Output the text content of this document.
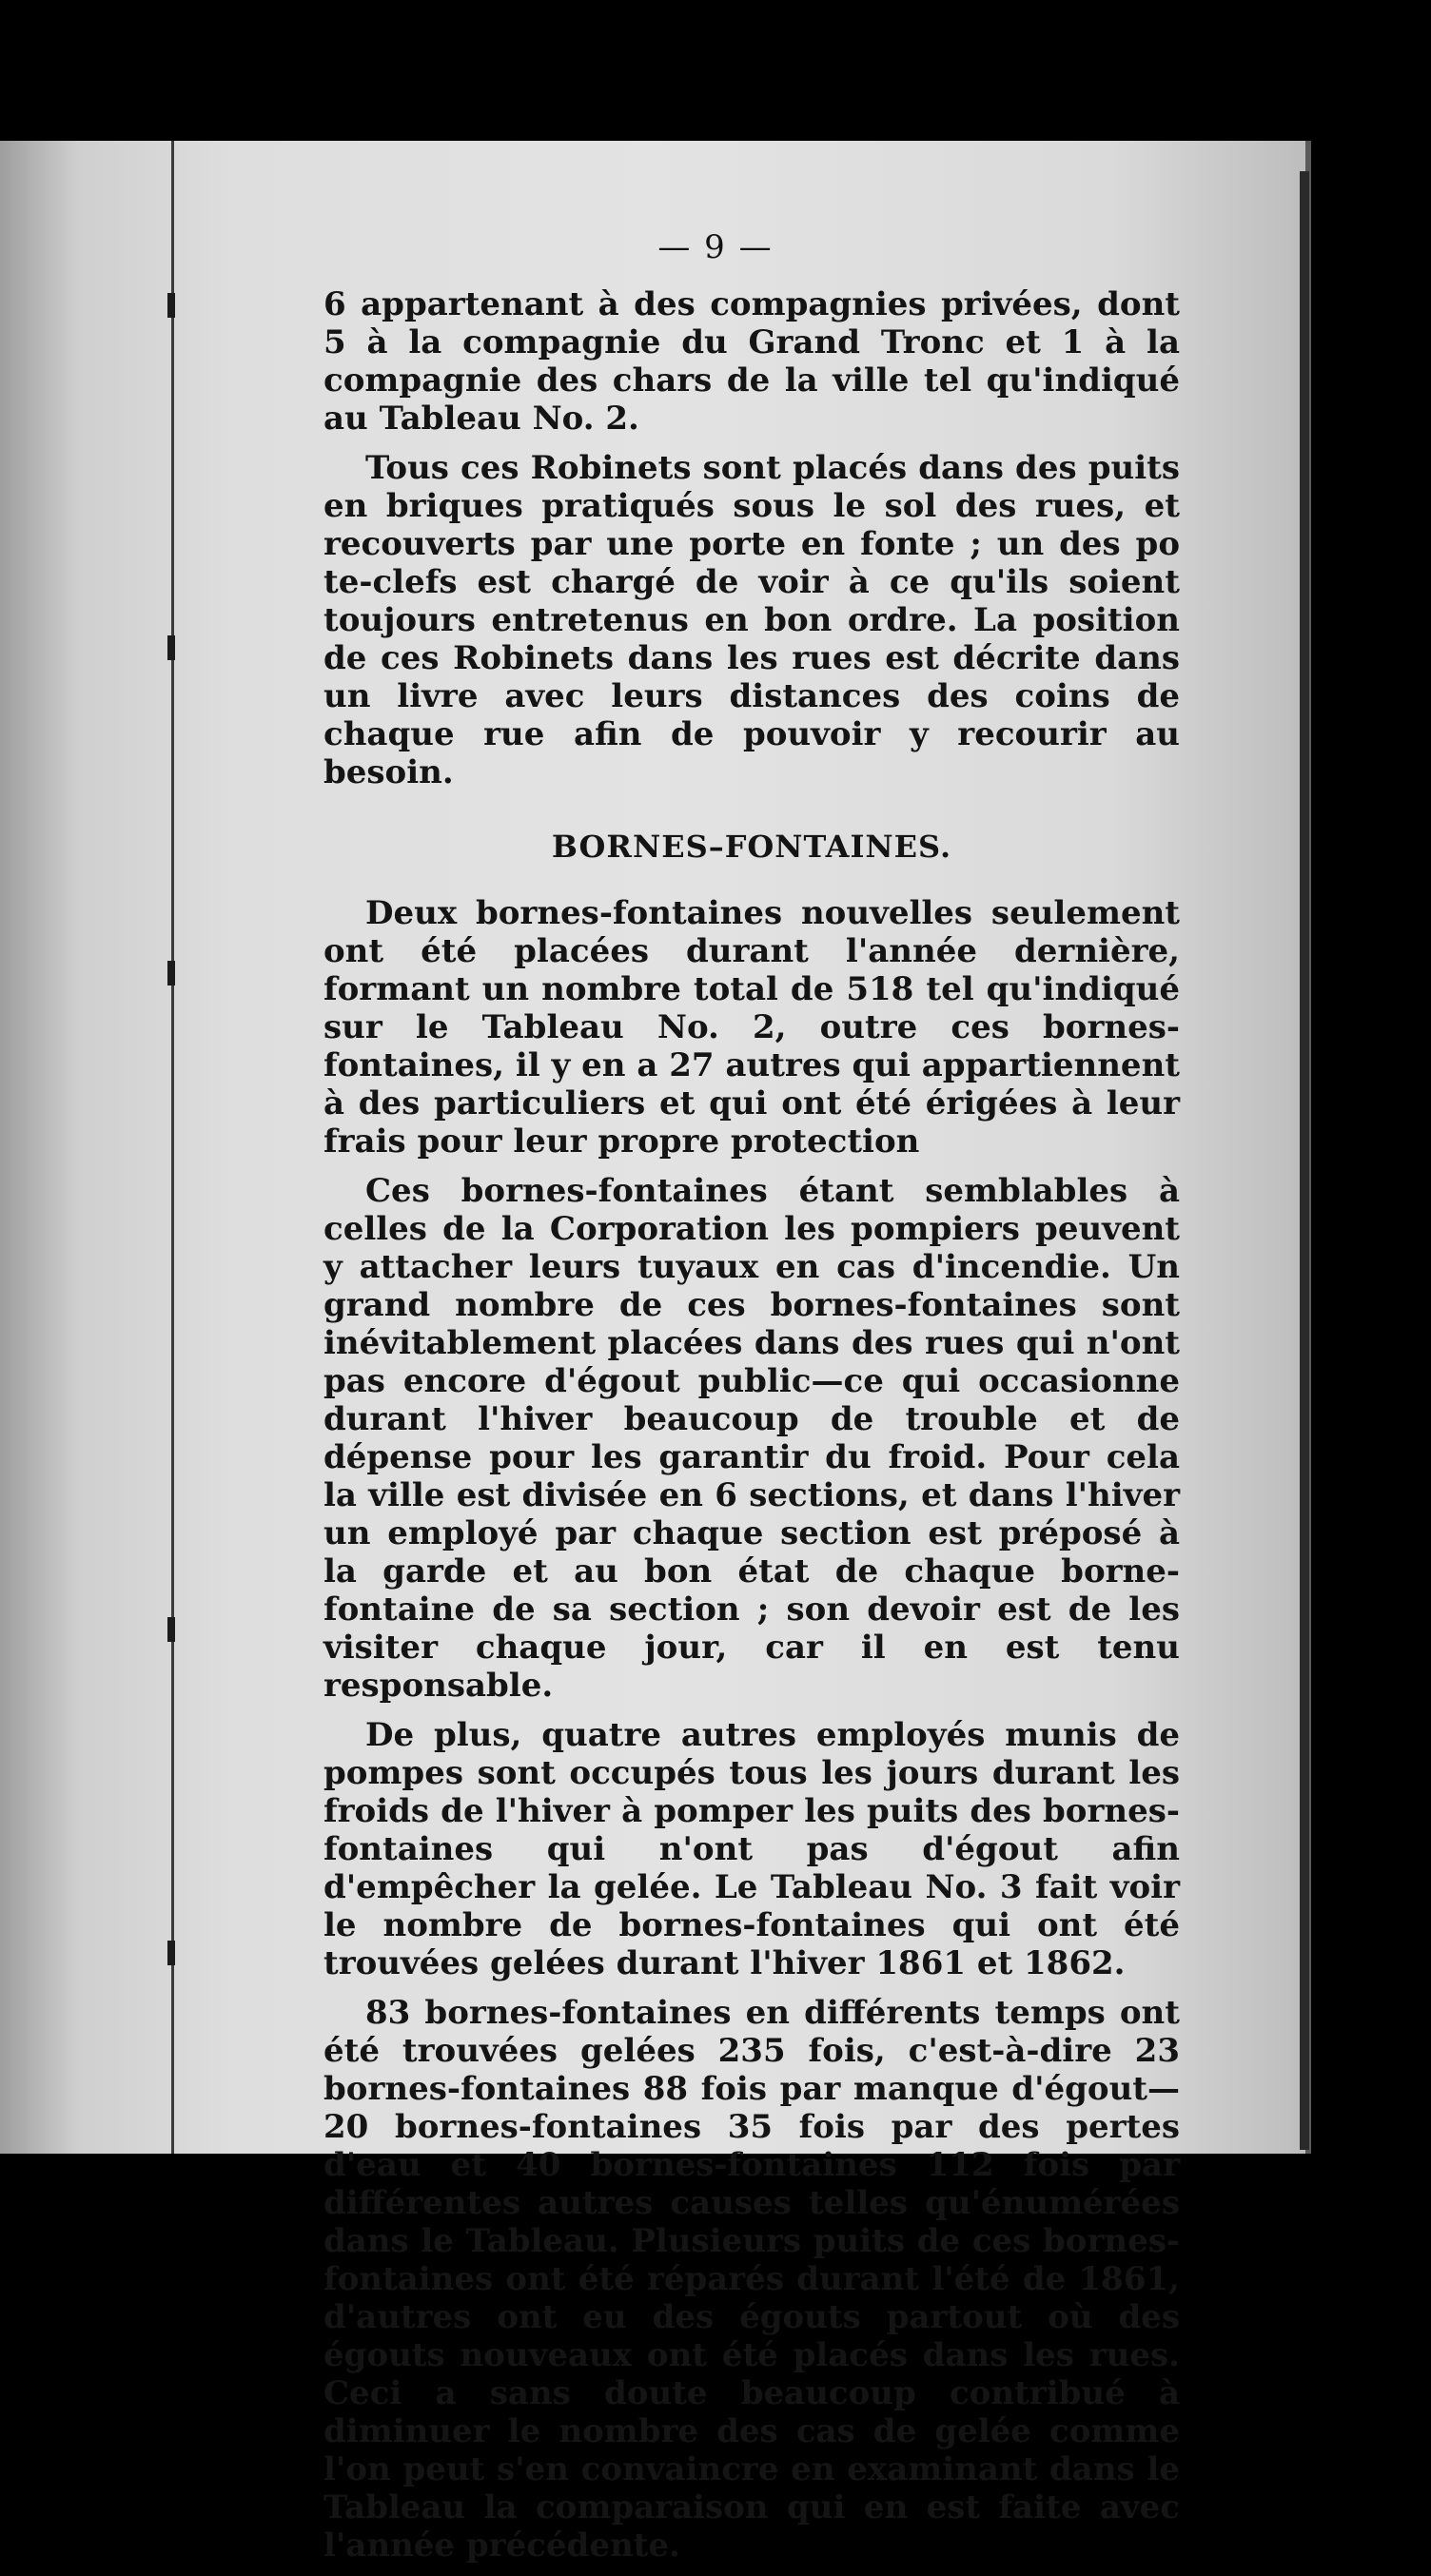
— 9 —

6 appartenant à des compagnies privées, dont 5 à la compagnie du Grand Tronc et 1 à la compagnie des chars de la ville tel qu'indiqué au Tableau No. 2.

Tous ces Robinets sont placés dans des puits en briques pratiqués sous le sol des rues, et recouverts par une porte en fonte ; un des po te-clefs est chargé de voir à ce qu'ils soient toujours entretenus en bon ordre. La position de ces Robinets dans les rues est décrite dans un livre avec leurs distances des coins de chaque rue afin de pouvoir y recourir au besoin.

BORNES–FONTAINES.

Deux bornes-fontaines nouvelles seulement ont été placées durant l'année dernière, formant un nombre total de 518 tel qu'indiqué sur le Tableau No. 2, outre ces bornes-fontaines, il y en a 27 autres qui appartiennent à des particuliers et qui ont été érigées à leur frais pour leur propre protection

Ces bornes-fontaines étant semblables à celles de la Corporation les pompiers peuvent y attacher leurs tuyaux en cas d'incendie. Un grand nombre de ces bornes-fontaines sont inévitablement placées dans des rues qui n'ont pas encore d'égout public—ce qui occasionne durant l'hiver beaucoup de trouble et de dépense pour les garantir du froid. Pour cela la ville est divisée en 6 sections, et dans l'hiver un employé par chaque section est préposé à la garde et au bon état de chaque borne-fontaine de sa section ; son devoir est de les visiter chaque jour, car il en est tenu responsable.

De plus, quatre autres employés munis de pompes sont occupés tous les jours durant les froids de l'hiver à pomper les puits des bornes-fontaines qui n'ont pas d'égout afin d'empêcher la gelée. Le Tableau No. 3 fait voir le nombre de bornes-fontaines qui ont été trouvées gelées durant l'hiver 1861 et 1862.

83 bornes-fontaines en différents temps ont été trouvées gelées 235 fois, c'est-à-dire 23 bornes-fontaines 88 fois par manque d'égout—20 bornes-fontaines 35 fois par des pertes d'eau et 40 bornes-fontaines 112 fois par différentes autres causes telles qu'énumérées dans le Tableau. Plusieurs puits de ces bornes-fontaines ont été réparés durant l'été de 1861, d'autres ont eu des égouts partout où des égouts nouveaux ont été placés dans les rues. Ceci a sans doute beaucoup contribué à diminuer le nombre des cas de gelée comme l'on peut s'en convaincre en examinant dans le Tableau la comparaison qui en est faite avec l'année précédente.
